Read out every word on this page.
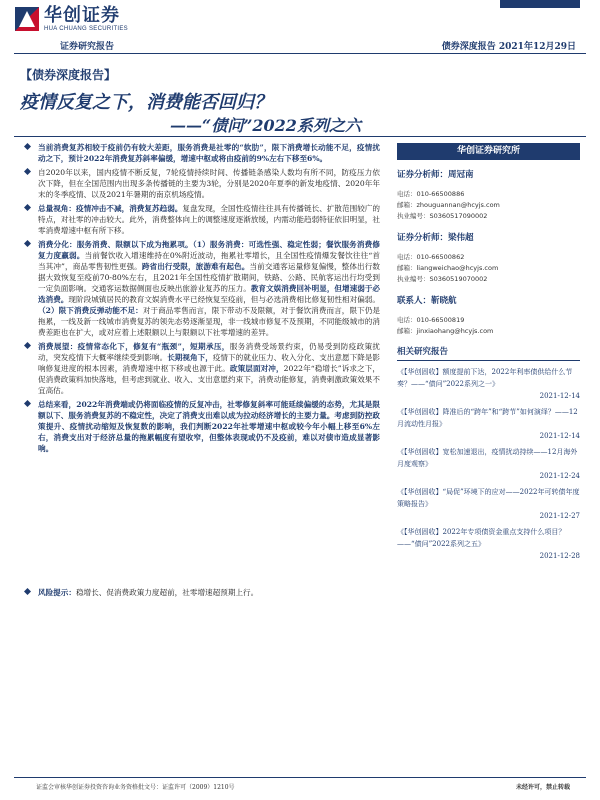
华创证券
HUA CHUANG SECURITIES
证券研究报告	债券深度报告 2021年12月29日
【债券深度报告】
疫情反复之下，消费能否回归？
——“债问”2022系列之六
当前消费复苏相较于疫前仍有较大差距，服务消费是社零的“软肋”，限下消费增长动能不足，疫情扰动之下，预计2022年消费复苏斜率偏缓，增速中枢或将由疫前的9%左右下移至6%。
自2020年以来，国内疫情不断反复，7轮疫情持续时间、传播链条感染人数均有所不同，防疫压力依次下降，但在全国范围内出现多条传播链的主要为3轮，分别是2020年夏季的新发地疫情、2020年年末的冬季疫情、以及2021年暑期的南京机场疫情。
总量视角：疫情冲击不减，消费复苏趋弱。复盘发现，全国性疫情往往具有传播链长、扩散范围较广的特点，对社零的冲击较大。此外，消费整体向上的调整速度逐渐放缓，内需动能趋弱特征依旧明显，社零消费增速中枢有所下移。
消费分化：服务消费、限额以下成为拖累项。（1）服务消费：可选性强、稳定性弱；餐饮服务消费修复力度羸弱。当前餐饮收入增速维持在0%附近波动，拖累社零增长，且全国性疫情爆发餐饮往往“首当其冲”，商品零售韧性更强。跨省出行受限，旅游难有起色。当前交通客运量修复偏慢，整体出行数据大致恢复至疫前70-80%左右，且2021年全国性疫情扩散期间，铁路、公路、民航客运出行均受到一定负面影响。交通客运数据侧面也反映出旅游业复苏的压力。教育文娱消费回补明显，但增速弱于必选消费。现阶段城镇居民的教育文娱消费水平已经恢复至疫前，但与必选消费相比修复韧性相对偏弱。（2）限下消费反弹动能不足：对于商品零售而言，限下带动不及限额，对于餐饮消费而言，限下仍是拖累，一线及新一线城市消费复苏的领先态势逐渐显现，非一线城市修复不及预期，不同能级城市的消费差距也在扩大，或对应着上述限额以上与限额以下社零增速的差异。
消费展望：疫情常态化下，修复有“瓶颈”，短期承压，服务消费受场景约束，仍易受到防疫政策扰动，突发疫情下大概率继续受到影响。长期视角下，疫情下的就业压力、收入分化、支出意愿下降是影响修复进度的根本因素，消费增速中枢下移或也源于此。政策层面对冲，2022年“稳增长”诉求之下，促消费政策料加快落地，但考虑到就业、收入、支出意愿约束下，消费动能修复，消费刺激政策效果不宜高估。
总结来看，2022年消费端或仍将面临疫情的反复冲击，社零修复斜率可能延续偏缓的态势，尤其是限额以下、服务消费复苏的不稳定性，决定了消费支出难以成为拉动经济增长的主要力量。考虑到防控政策提升、疫情扰动缩短及恢复数的影响，我们判断2022年社零增速中枢或较今年小幅上移至6%左右，消费支出对于经济总量的拖累幅度有望收窄，但整体表现或仍不及疫前，难以对债市造成显著影响。
风险提示：稳增长、促消费政策力度超前，社零增速超预期上行。
华创证券研究所
证券分析师：周冠南
电话：010-66500886
邮箱：zhouguannan@hcyjs.com
执业编号：S0360517090002
证券分析师：梁伟超
电话：010-66500862
邮箱：liangweichao@hcyjs.com
执业编号：S0360519070002
联系人：靳晓航
电话：010-66500819
邮箱：jinxiaohang@hcyjs.com
相关研究报告
《【华创固收】额度提前下达，2022年利率债供给什么节奏？——“债问”2022系列之一》
2021-12-14
《【华创固收】降准后的“跨年”和“跨节”如何演绎？——12月流动性月报》
2021-12-14
《【华创固收】宽松加速退出，疫情扰动持续——12月海外月度观察》
2021-12-24
《【华创固收】“局促”环境下的应对——2022年可转债年度策略报告》
2021-12-27
《【华创固收】2022年专项债资金重点支持什么项目？——“债问”2022系列之五》
2021-12-28
证监会审核华创证券投资咨询业务资格批文号：证监许可（2009）1210号	未经许可，禁止转载
